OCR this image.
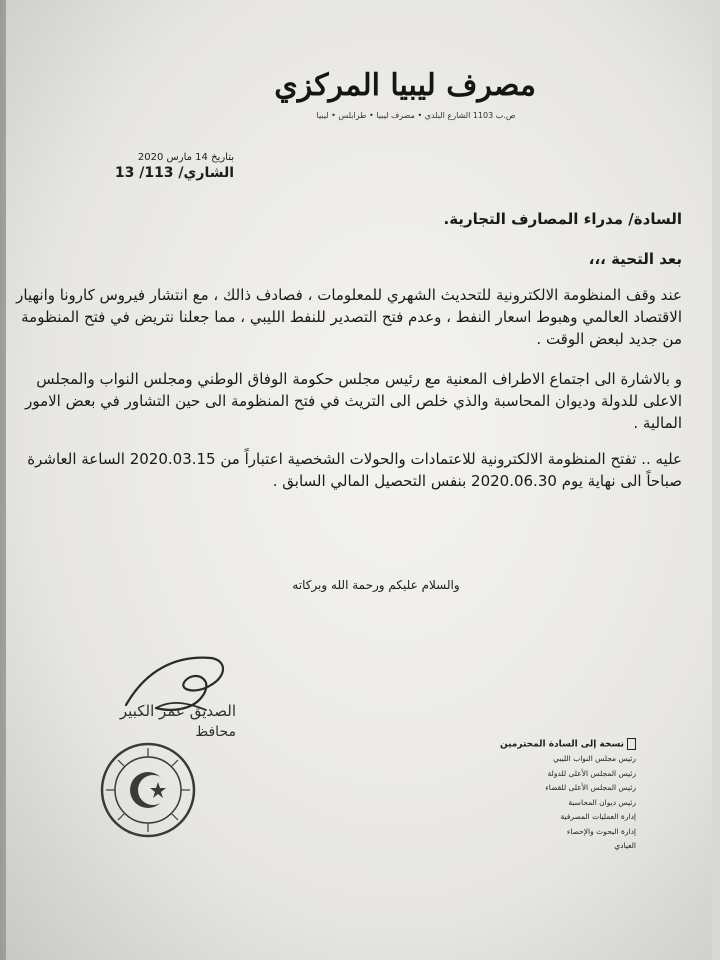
مصرف ليبيا المركزي
ص.ب 1103 الشارع البلدي • مصرف ليبيا • طرابلس • ليبيا
بتاريخ 14 مارس 2020
الشاري/ 113/ 13
السادة/ مدراء المصارف التجارية.
بعد التحية ،،،
عند وقف المنظومة الالكترونية للتحديث الشهري للمعلومات ، فصادف ذالك ، مع انتشار فيروس كارونا وانهيار الاقتصاد العالمي وهبوط اسعار النفط ، وعدم فتح التصدير للنفط الليبي ، مما جعلنا نتريض في فتح المنظومة من جديد لبعض الوقت .
و بالاشارة الى اجتماع الاطراف المعنية مع رئيس مجلس حكومة الوفاق الوطني ومجلس النواب والمجلس الاعلى للدولة وديوان المحاسبة والذي خلص الى التريث في فتح المنظومة الى حين التشاور في بعض الامور المالية .
عليه .. تفتح المنظومة الالكترونية للاعتمادات والحولات الشخصية اعتباراً من 2020.03.15 الساعة العاشرة صباحاً الى نهاية يوم 2020.06.30 بنفس التحصيل المالي السابق .
والسلام عليكم ورحمة الله وبركاته
الصديق عمر الكبير
محافظ
نسخة إلى السادة المحترمين
رئيس مجلس النواب الليبي
رئيس المجلس الأعلى للدولة
رئيس المجلس الأعلى للقضاء
رئيس ديوان المحاسبة
إدارة العمليات المصرفية
إدارة البحوث والإحصاء
العيادي
